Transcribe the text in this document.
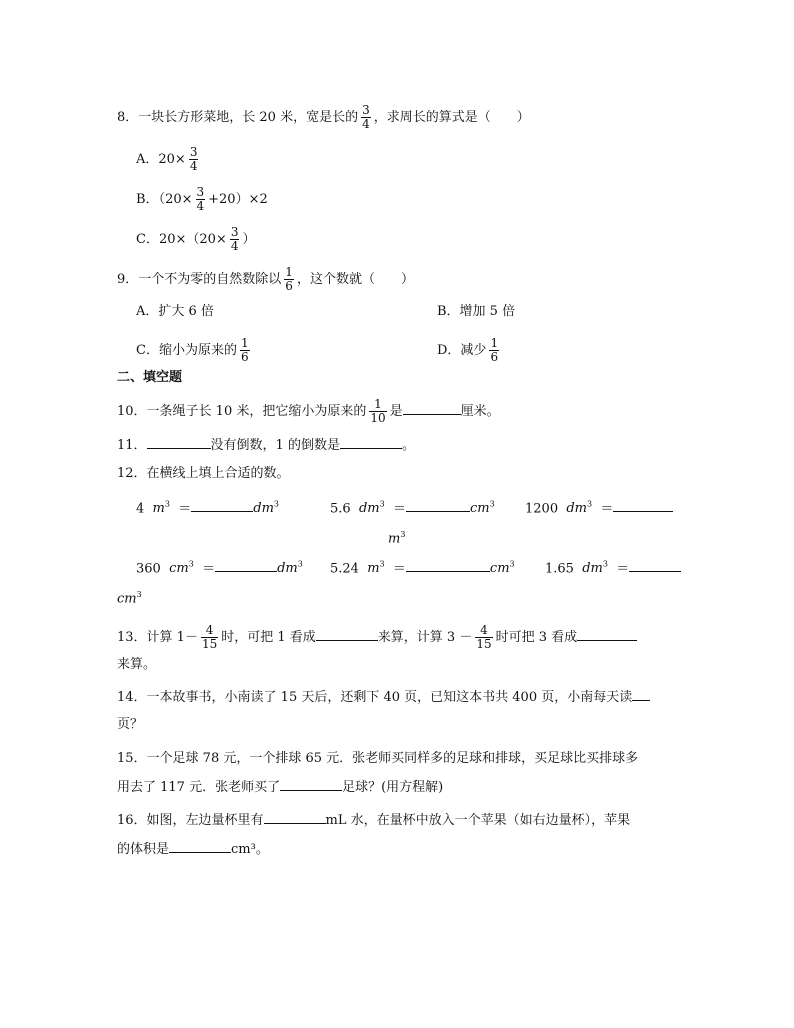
8．一块长方形菜地，长 20 米，宽是长的 $\frac{3}{4}$ ，求周长的算式是（　　）
A．$20\times \frac{3}{4}$
B．$(20\times \frac{3}{4} +20)\times 2$
C．$20\times(20\times \frac{3}{4}$ ）
9．一个不为零的自然数除以 $\frac{1}{6}$ ，这个数就（　　）
A．扩大 6 倍	B．增加 5 倍
C．缩小为原来的 $\frac{1}{6}$	D．减少 $\frac{1}{6}$
二、填空题
10．一条绳子长 10 米，把它缩小为原来的 $\frac{1}{10}$ 是	厘米。
11．	没有倒数，1 的倒数是	。
12．在横线上填上合适的数。
4 $m^3$ ＝	$dm^3$	5.6 $dm^3$ ＝	$cm^3$ 1200 $dm^3$ ＝
$m^3$
360 $cm^3$ ＝	$dm^3$ 5.24 $m^3$ ＝	$cm^3$ 1.65 $dm^3$ ＝
$cm^3$
13．计算 $1- \frac{4}{15}$ 时，可把 1 看成	来算，计算 $3 - \frac{4}{15}$ 时可把 3 看成
来算。
14．一本故事书，小南读了 15 天后，还剩下 40 页，已知这本书共 400 页，小南每天读
页？
15．一个足球 78 元，一个排球 65 元．张老师买同样多的足球和排球，买足球比买排球多
用去了 117 元．张老师买了	足球？(用方程解)
16．如图，左边量杯里有	mL 水，在量杯中放入一个苹果（如右边量杯），苹果
的体积是	cm³。
